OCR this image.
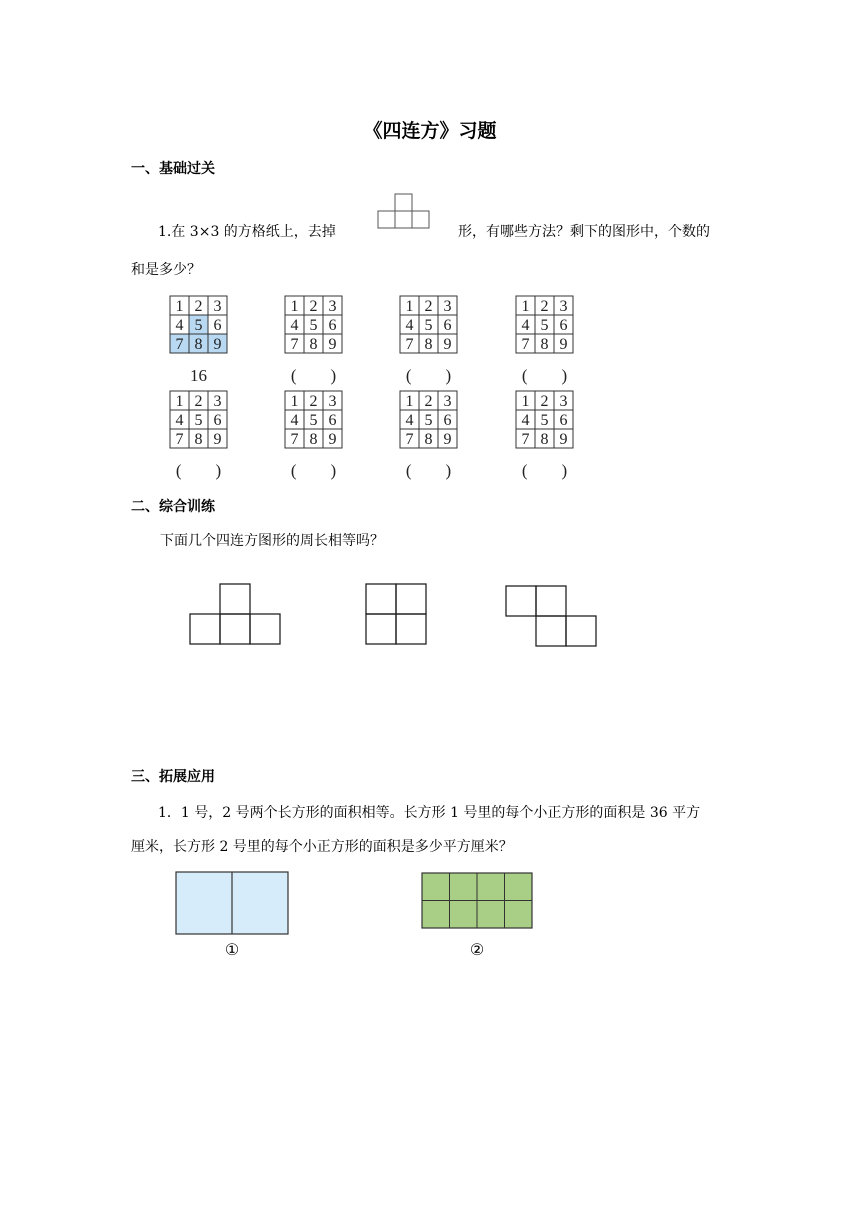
《四连方》习题
一、基础过关
1.在 3×3 的方格纸上，去掉	形，有哪些方法？剩下的图形中，个数的
和是多少？
1 2 3
4 5 6
7 8 9
16
1 2 3
4 5 6
7 8 9
(　　)
1 2 3
4 5 6
7 8 9
(　　)
1 2 3
4 5 6
7 8 9
(　　)
1 2 3
4 5 6
7 8 9
(　　)
1 2 3
4 5 6
7 8 9
(　　)
1 2 3
4 5 6
7 8 9
(　　)
1 2 3
4 5 6
7 8 9
(　　)
二、综合训练
下面几个四连方图形的周长相等吗？
三、拓展应用
1．1 号，2 号两个长方形的面积相等。长方形 1 号里的每个小正方形的面积是 36 平方
厘米，长方形 2 号里的每个小正方形的面积是多少平方厘米？
①	②
